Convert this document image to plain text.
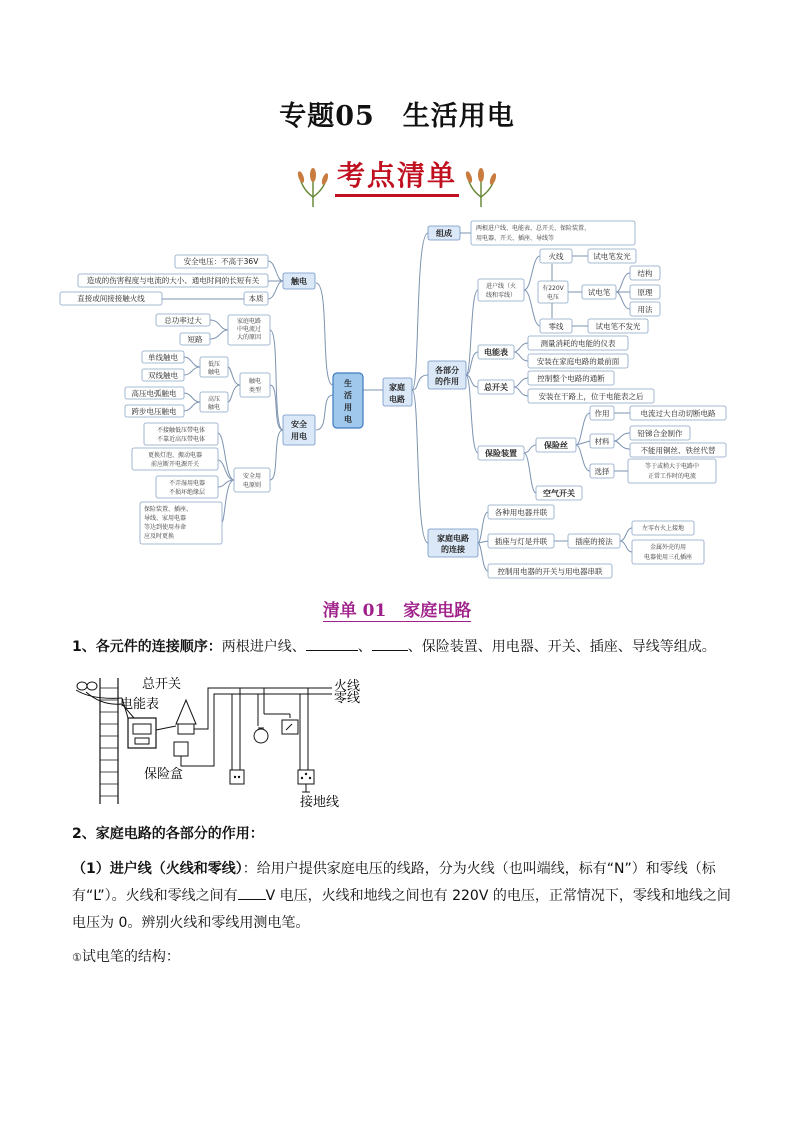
专题05　生活用电
考点清单
生
活
用
电
触电
安全电压：不高于36V
造成的伤害程度与电流的大小、通电时间的长短有关
本质
直接或间接接触火线
安全
用电
家庭电路
中电流过
大的原因
总功率过大
短路
触电
类型
低压
触电
高压
触电
单线触电
双线触电
高压电弧触电
跨步电压触电
安全用
电原则
不接触低压带电体
不靠近高压带电体
更换灯泡、搬动电器
前应断开电源开关
不弄湿用电器
不损坏绝缘层
保险装置、插座、
导线、家用电器
等达到使用寿命
应及时更换
家庭
电路
组成
两根进户线、电能表、总开关、保险装置、
用电器、开关、插座、导线等
各部分
的作用
进户线（火
线和零线）
火线
零线
有220V
电压
试电笔发光
试电笔
试电笔不发光
结构
原理
用法
电能表
测量消耗的电能的仪表
安装在家庭电路的最前面
总开关
控制整个电路的通断
安装在干路上，位于电能表之后
保险装置
保险丝
空气开关
作用	电流过大自动切断电路
材料
铅锑合金制作
不能用铜丝、铁丝代替
选择
等于或稍大于电路中
正常工作时的电流
家庭电路
的连接
各种用电器并联
插座与灯是并联
控制用电器的开关与用电器串联
插座的接法
左零右火上接地
金属外壳的用
电器使用三孔插座
清单 01　家庭电路
1、各元件的连接顺序：两根进户线、	、	、保险装置、用电器、开关、插座、导线等组成。
总开关
电能表
保险盒
火线
零线
接地线
2、家庭电路的各部分的作用：
（1）进户线（火线和零线）：给用户提供家庭电压的线路，分为火线（也叫端线，标有“N”）和零线（标有“L”）。火线和零线之间有 V 电压，火线和地线之间也有 220V 的电压，正常情况下，零线和地线之间电压为 0。辨别火线和零线用测电笔。
①试电笔的结构：
